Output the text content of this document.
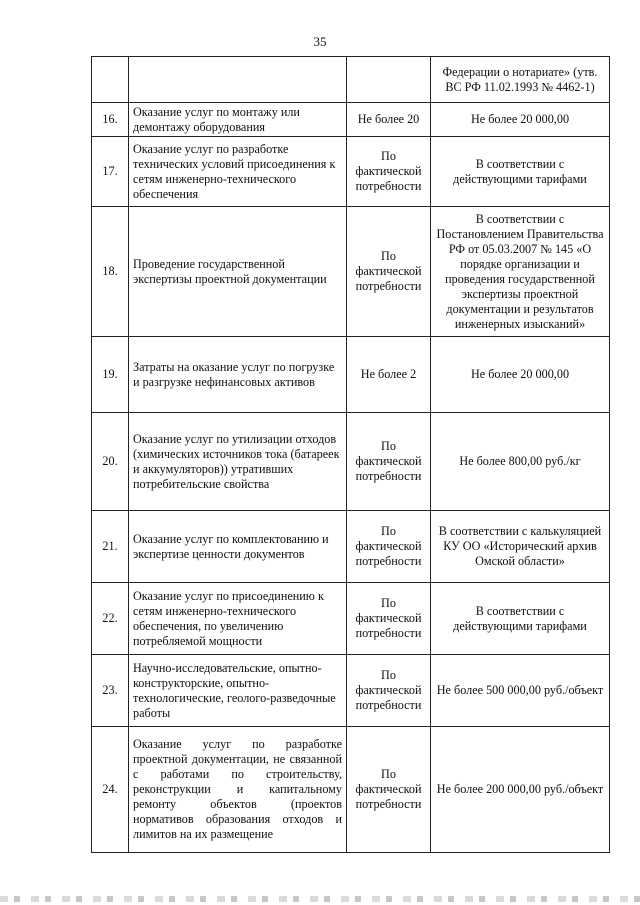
35
			Федерации о нотариате» (утв. ВС РФ 11.02.1993 № 4462-1)
16.	Оказание услуг по монтажу или демонтажу оборудования	Не более 20	Не более 20 000,00
17.	Оказание услуг по разработке технических условий присоединения к сетям инженерно-технического обеспечения	По фактической потребности	В соответствии с действующими тарифами
18.	Проведение государственной экспертизы проектной документации	По фактической потребности	В соответствии с Постановлением Правительства РФ от 05.03.2007 № 145 «О порядке организации и проведения государственной экспертизы проектной документации и результатов инженерных изысканий»
19.	Затраты на оказание услуг по погрузке и разгрузке нефинансовых активов	Не более 2	Не более 20 000,00
20.	Оказание услуг по утилизации отходов (химических источников тока (батареек и аккумуляторов)) утративших потребительские свойства	По фактической потребности	Не более 800,00 руб./кг
21.	Оказание услуг по комплектованию и экспертизе ценности документов	По фактической потребности	В соответствии с калькуляцией КУ ОО «Исторический архив Омской области»
22.	Оказание услуг по присоединению к сетям инженерно-технического обеспечения, по увеличению потребляемой мощности	По фактической потребности	В соответствии с действующими тарифами
23.	Научно-исследовательские, опытно-конструкторские, опытно-технологические, геолого-разведочные работы	По фактической потребности	Не более 500 000,00 руб./объект
24.	Оказание услуг по разработке проектной документации, не связанной с работами по строительству, реконструкции и капитальному ремонту объектов (проектов нормативов образования отходов и лимитов на их размещение	По фактической потребности	Не более 200 000,00 руб./объект
